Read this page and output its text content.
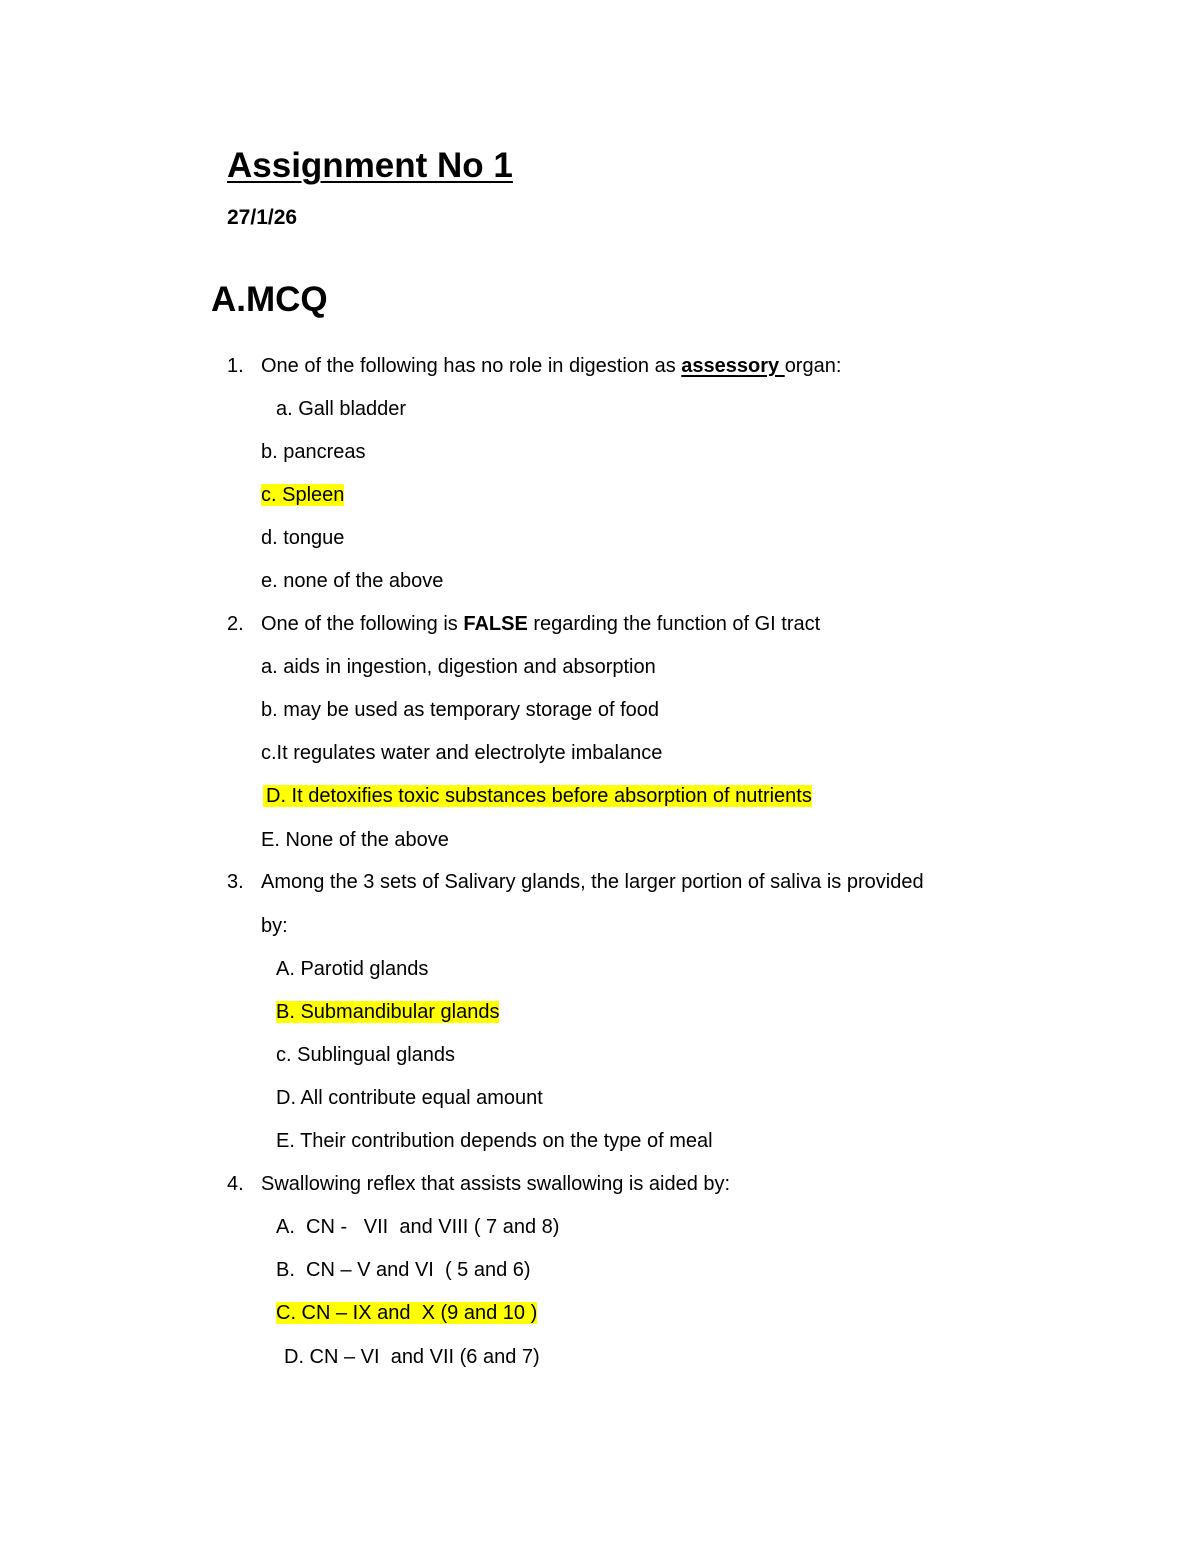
Assignment No 1
27/1/26
A.MCQ
1. One of the following has no role in digestion as assessory organ:
a. Gall bladder
b. pancreas
c. Spleen
d. tongue
e. none of the above
2. One of the following is FALSE regarding the function of GI tract
a. aids in ingestion, digestion and absorption
b. may be used as temporary storage of food
c.It regulates water and electrolyte imbalance
D. It detoxifies toxic substances before absorption of nutrients
E. None of the above
3. Among the 3 sets of Salivary glands, the larger portion of saliva is provided
by:
A. Parotid glands
B. Submandibular glands
c. Sublingual glands
D. All contribute equal amount
E. Their contribution depends on the type of meal
4. Swallowing reflex that assists swallowing is aided by:
A.  CN -   VII  and VIII ( 7 and 8)
B.  CN – V and VI  ( 5 and 6)
C. CN – IX and  X (9 and 10 )
D. CN – VI  and VII (6 and 7)
